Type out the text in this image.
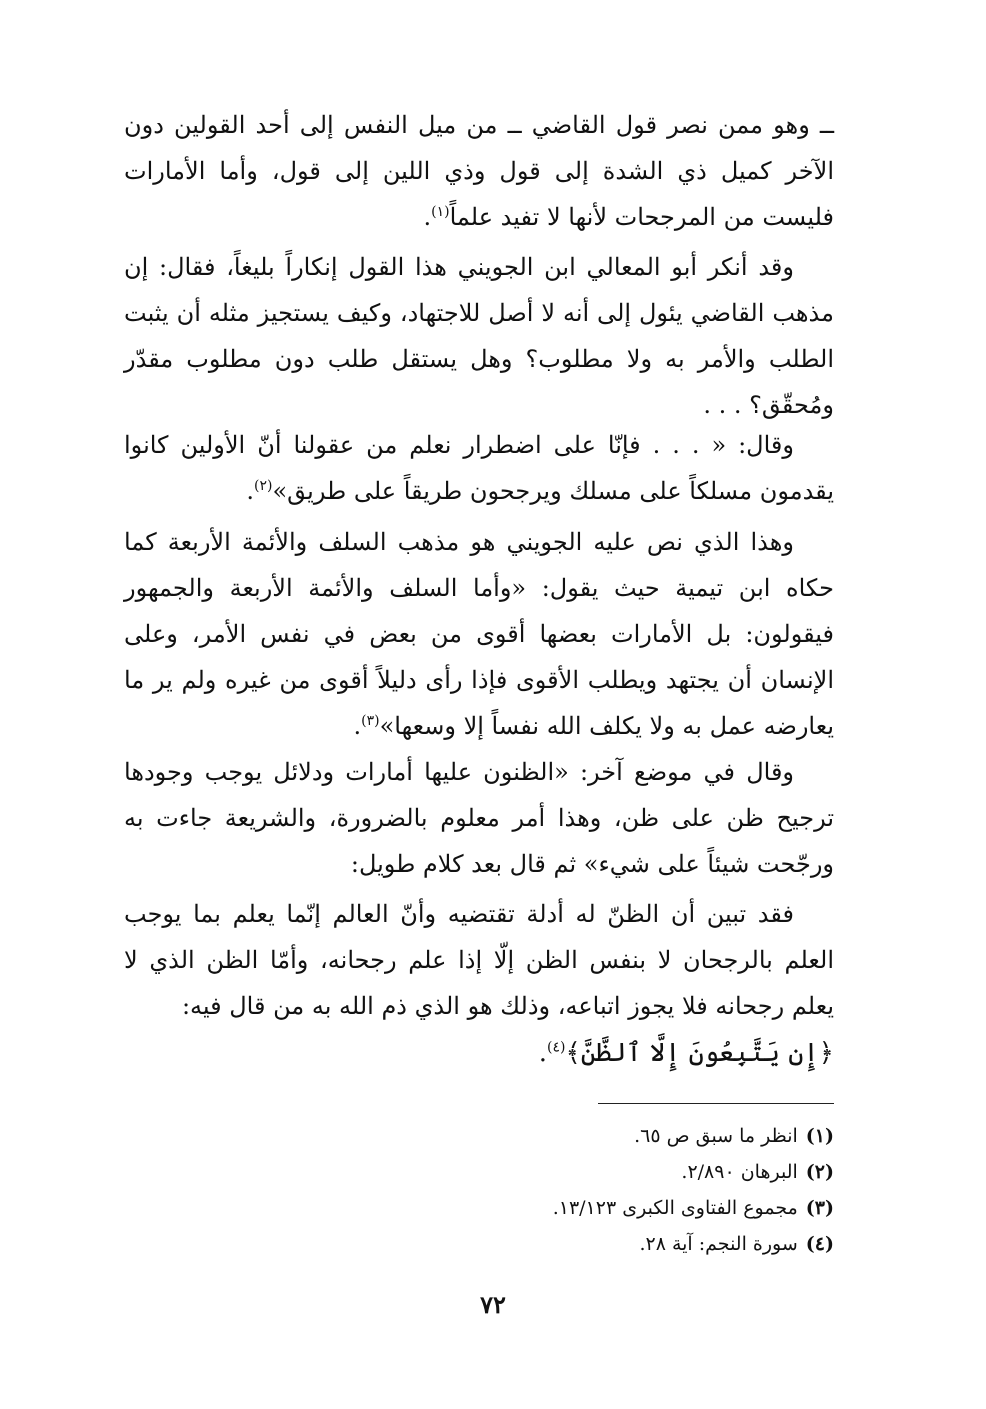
ــ وهو ممن نصر قول القاضي ــ من ميل النفس إلى أحد القولين دون الآخر كميل ذي الشدة إلى قول وذي اللين إلى قول، وأما الأمارات فليست من المرجحات لأنها لا تفيد علماً$^{(١)}$.

وقد أنكر أبو المعالي ابن الجويني هذا القول إنكاراً بليغاً، فقال: إن مذهب القاضي يئول إلى أنه لا أصل للاجتهاد، وكيف يستجيز مثله أن يثبت الطلب والأمر به ولا مطلوب؟ وهل يستقل طلب دون مطلوب مقدّر ومُحقّق؟ . . .

وقال: « . . . فإنّا على اضطرار نعلم من عقولنا أنّ الأولين كانوا يقدمون مسلكاً على مسلك ويرجحون طريقاً على طريق»$^{(٢)}$.

وهذا الذي نص عليه الجويني هو مذهب السلف والأئمة الأربعة كما حكاه ابن تيمية حيث يقول: «وأما السلف والأئمة الأربعة والجمهور فيقولون: بل الأمارات بعضها أقوى من بعض في نفس الأمر، وعلى الإنسان أن يجتهد ويطلب الأقوى فإذا رأى دليلاً أقوى من غيره ولم ير ما يعارضه عمل به ولا يكلف الله نفساً إلا وسعها»$^{(٣)}$.

وقال في موضع آخر: «الظنون عليها أمارات ودلائل يوجب وجودها ترجيح ظن على ظن، وهذا أمر معلوم بالضرورة، والشريعة جاءت به ورجّحت شيئاً على شيء» ثم قال بعد كلام طويل:

فقد تبين أن الظنّ له أدلة تقتضيه وأنّ العالم إنّما يعلم بما يوجب العلم بالرجحان لا بنفس الظن إلّا إذا علم رجحانه، وأمّا الظن الذي لا يعلم رجحانه فلا يجوز اتباعه، وذلك هو الذي ذم الله به من قال فيه:

﴿إِن يَتَّبِعُونَ إِلَّا ٱلظَّنَّ﴾$^{(٤)}$.
(١)انظر ما سبق ص ٦٥.
(٢)البرهان ٢/٨٩٠.
(٣)مجموع الفتاوى الكبرى ١٣/١٢٣.
(٤)سورة النجم: آية ٢٨.
٧٢
